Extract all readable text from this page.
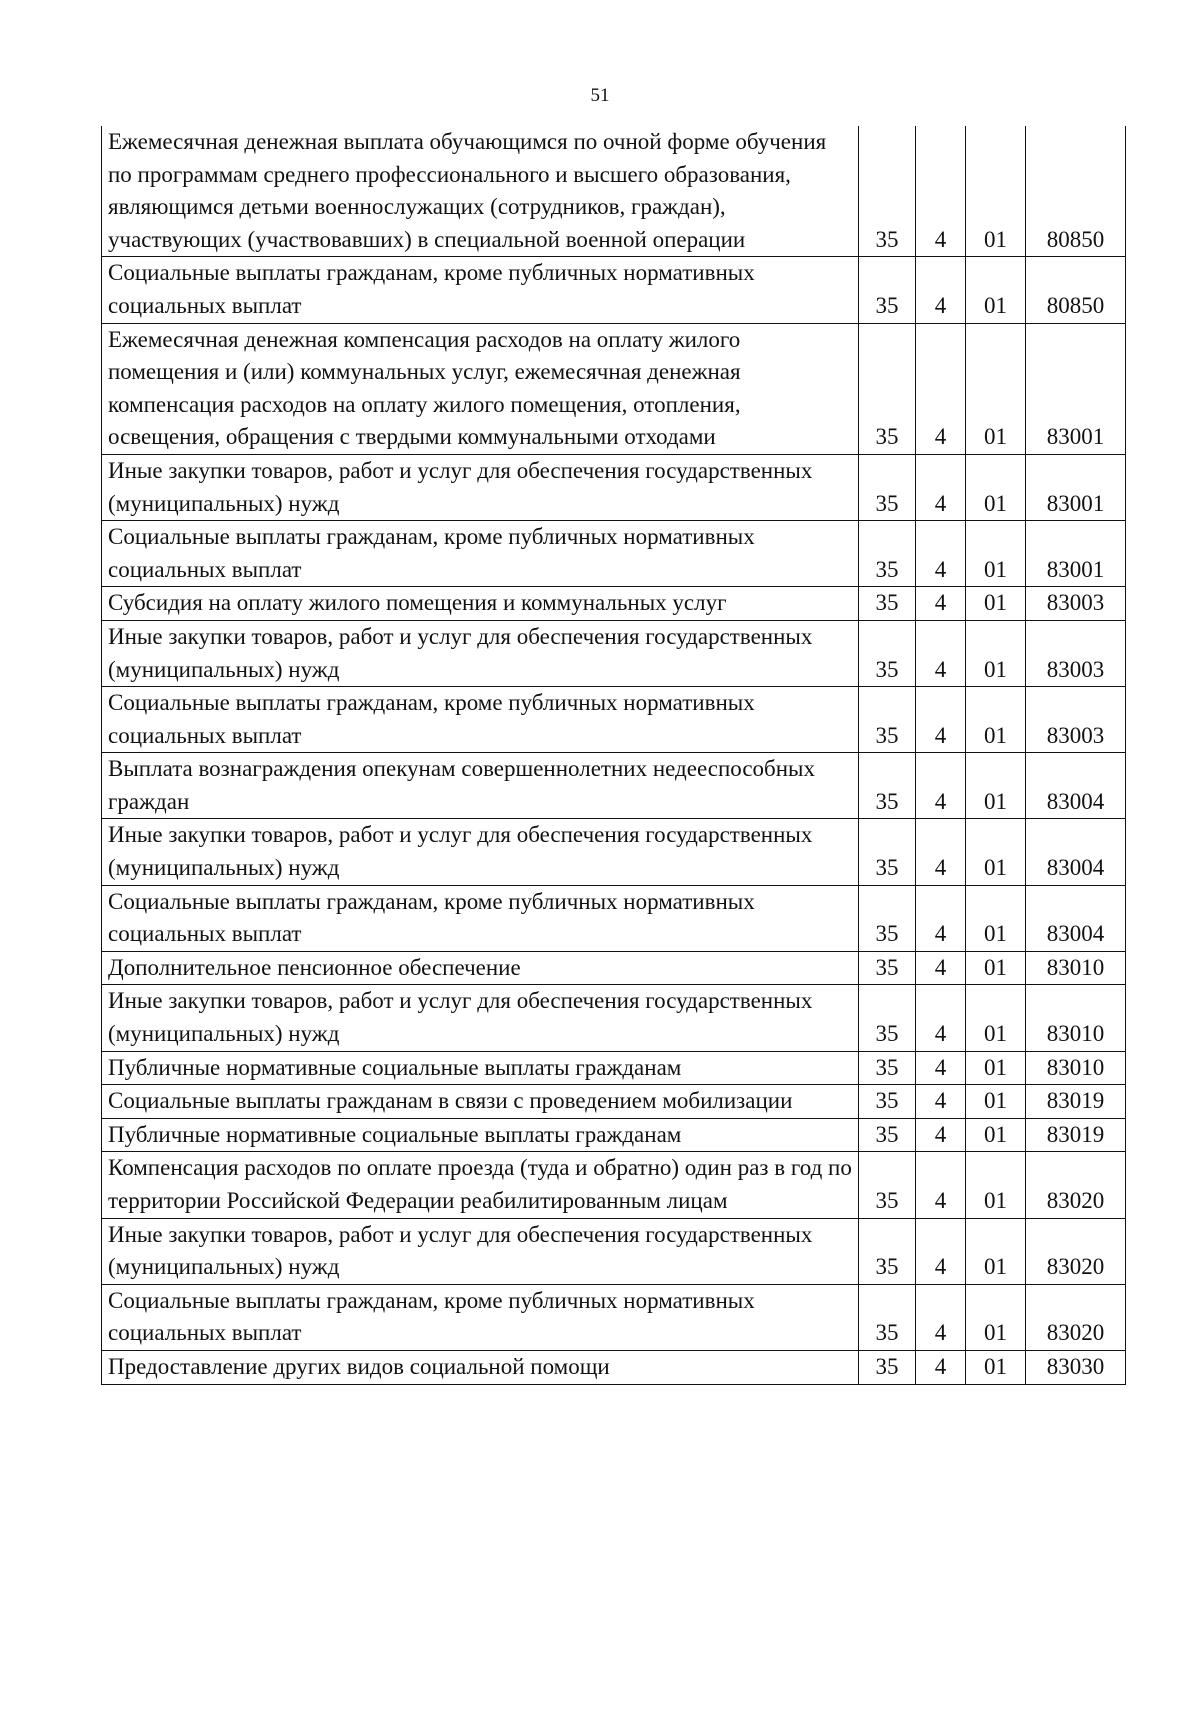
51
Ежемесячная денежная выплата обучающимся по очной форме обучения по программам среднего профессионального и высшего образования, являющимся детьми военнослужащих (сотрудников, граждан), участвующих (участвовавших) в специальной военной операции	35	4	01	80850
Социальные выплаты гражданам, кроме публичных нормативных социальных выплат	35	4	01	80850
Ежемесячная денежная компенсация расходов на оплату жилого помещения и (или) коммунальных услуг, ежемесячная денежная компенсация расходов на оплату жилого помещения, отопления, освещения, обращения с твердыми коммунальными отходами	35	4	01	83001
Иные закупки товаров, работ и услуг для обеспечения государственных (муниципальных) нужд	35	4	01	83001
Социальные выплаты гражданам, кроме публичных нормативных социальных выплат	35	4	01	83001
Субсидия на оплату жилого помещения и коммунальных услуг	35	4	01	83003
Иные закупки товаров, работ и услуг для обеспечения государственных (муниципальных) нужд	35	4	01	83003
Социальные выплаты гражданам, кроме публичных нормативных социальных выплат	35	4	01	83003
Выплата вознаграждения опекунам совершеннолетних недееспособных граждан	35	4	01	83004
Иные закупки товаров, работ и услуг для обеспечения государственных (муниципальных) нужд	35	4	01	83004
Социальные выплаты гражданам, кроме публичных нормативных социальных выплат	35	4	01	83004
Дополнительное пенсионное обеспечение	35	4	01	83010
Иные закупки товаров, работ и услуг для обеспечения государственных (муниципальных) нужд	35	4	01	83010
Публичные нормативные социальные выплаты гражданам	35	4	01	83010
Социальные выплаты гражданам в связи с проведением мобилизации	35	4	01	83019
Публичные нормативные социальные выплаты гражданам	35	4	01	83019
Компенсация расходов по оплате проезда (туда и обратно) один раз в год по территории Российской Федерации реабилитированным лицам	35	4	01	83020
Иные закупки товаров, работ и услуг для обеспечения государственных (муниципальных) нужд	35	4	01	83020
Социальные выплаты гражданам, кроме публичных нормативных социальных выплат	35	4	01	83020
Предоставление других видов социальной помощи	35	4	01	83030
